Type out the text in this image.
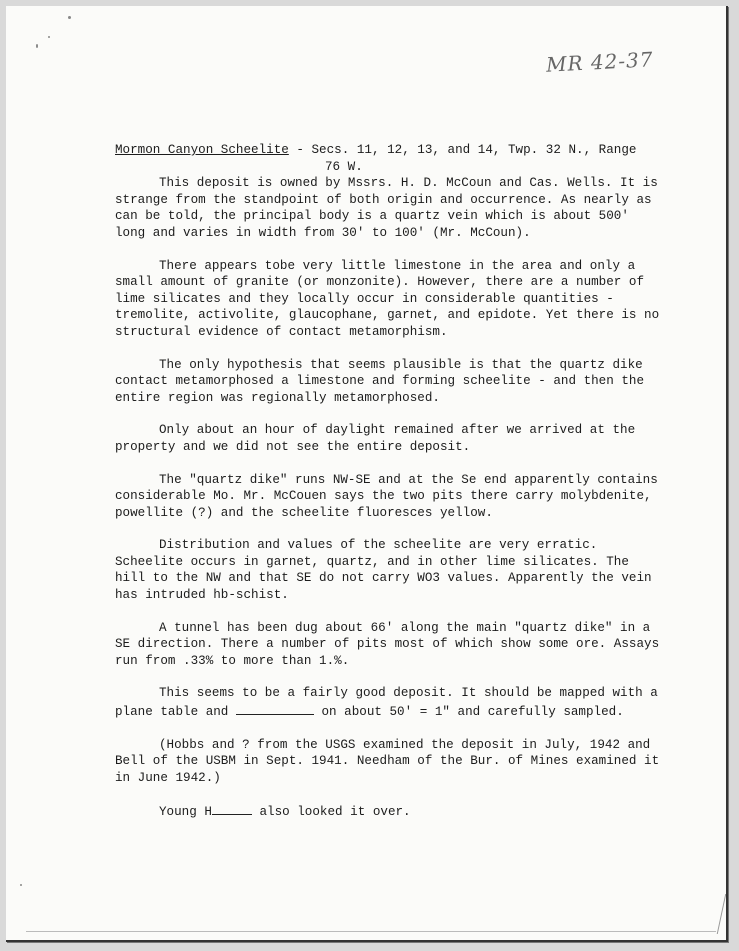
MR 42-37

Mormon Canyon Scheelite - Secs. 11, 12, 13, and 14, Twp. 32 N., Range
76 W.

This deposit is owned by Mssrs. H. D. McCoun and Cas. Wells. It is strange from the standpoint of both origin and occurrence. As nearly as can be told, the principal body is a quartz vein which is about 500' long and varies in width from 30' to 100' (Mr. McCoun).

There appears tobe very little limestone in the area and only a small amount of granite (or monzonite). However, there are a number of lime silicates and they locally occur in considerable quantities - tremolite, activolite, glaucophane, garnet, and epidote. Yet there is no structural evidence of contact metamorphism.

The only hypothesis that seems plausible is that the quartz dike contact metamorphosed a limestone and forming scheelite - and then the entire region was regionally metamorphosed.

Only about an hour of daylight remained after we arrived at the property and we did not see the entire deposit.

The "quartz dike" runs NW-SE and at the Se end apparently contains considerable Mo. Mr. McCouen says the two pits there carry molybdenite, powellite (?) and the scheelite fluoresces yellow.

Distribution and values of the scheelite are very erratic. Scheelite occurs in garnet, quartz, and in other lime silicates. The hill to the NW and that SE do not carry WO3 values. Apparently the vein has intruded hb-schist.

A tunnel has been dug about 66' along the main "quartz dike" in a SE direction. There a number of pits most of which show some ore. Assays run from .33% to more than 1.%.

This seems to be a fairly good deposit. It should be mapped with a plane table and	on about 50' = 1" and carefully sampled.

(Hobbs and ? from the USGS examined the deposit in July, 1942 and Bell of the USBM in Sept. 1941. Needham of the Bur. of Mines examined it in June 1942.)

Young H	also looked it over.
